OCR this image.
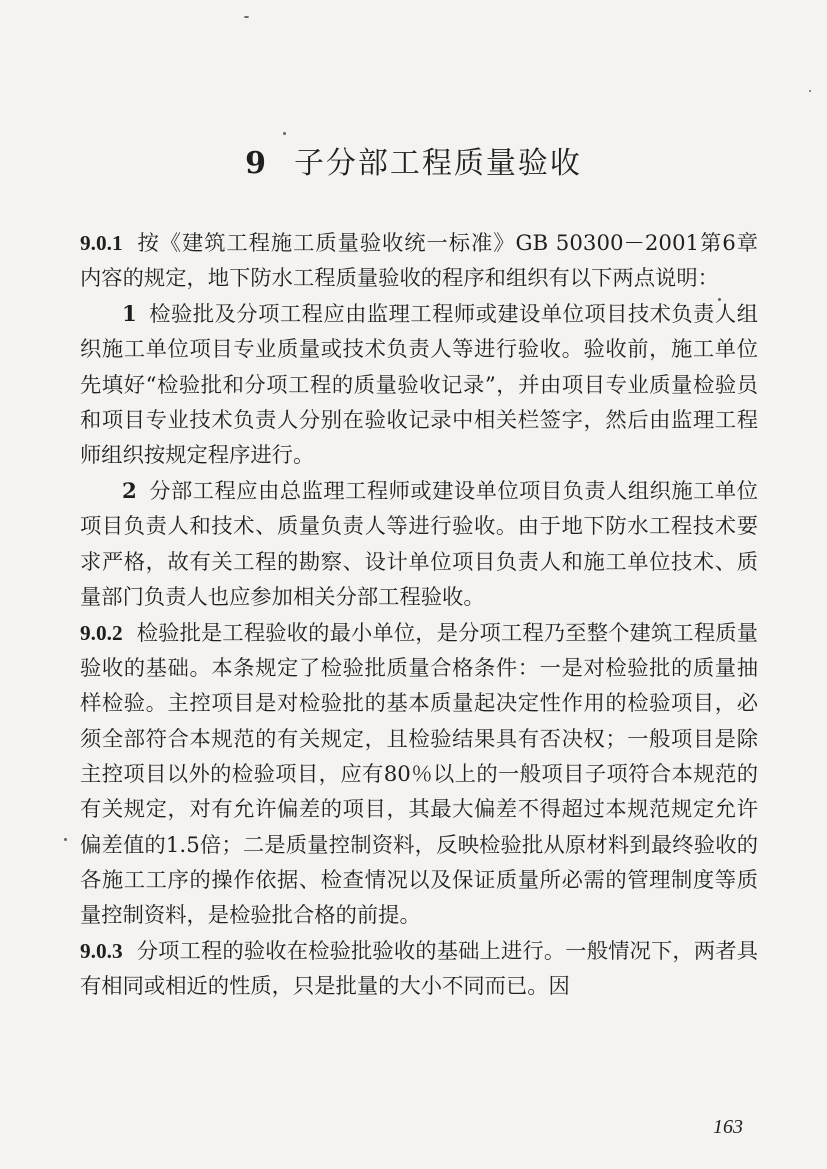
9 子分部工程质量验收

9.0.1 按《建筑工程施工质量验收统一标准》GB 50300－2001第6章内容的规定，地下防水工程质量验收的程序和组织有以下两点说明：

1 检验批及分项工程应由监理工程师或建设单位项目技术负责人组织施工单位项目专业质量或技术负责人等进行验收。验收前，施工单位先填好“检验批和分项工程的质量验收记录”，并由项目专业质量检验员和项目专业技术负责人分别在验收记录中相关栏签字，然后由监理工程师组织按规定程序进行。

2 分部工程应由总监理工程师或建设单位项目负责人组织施工单位项目负责人和技术、质量负责人等进行验收。由于地下防水工程技术要求严格，故有关工程的勘察、设计单位项目负责人和施工单位技术、质量部门负责人也应参加相关分部工程验收。

9.0.2 检验批是工程验收的最小单位，是分项工程乃至整个建筑工程质量验收的基础。本条规定了检验批质量合格条件：一是对检验批的质量抽样检验。主控项目是对检验批的基本质量起决定性作用的检验项目，必须全部符合本规范的有关规定，且检验结果具有否决权；一般项目是除主控项目以外的检验项目，应有80％以上的一般项目子项符合本规范的有关规定，对有允许偏差的项目，其最大偏差不得超过本规范规定允许偏差值的1.5倍；二是质量控制资料，反映检验批从原材料到最终验收的各施工工序的操作依据、检查情况以及保证质量所必需的管理制度等质量控制资料，是检验批合格的前提。

9.0.3 分项工程的验收在检验批验收的基础上进行。一般情况下，两者具有相同或相近的性质，只是批量的大小不同而已。因

163
